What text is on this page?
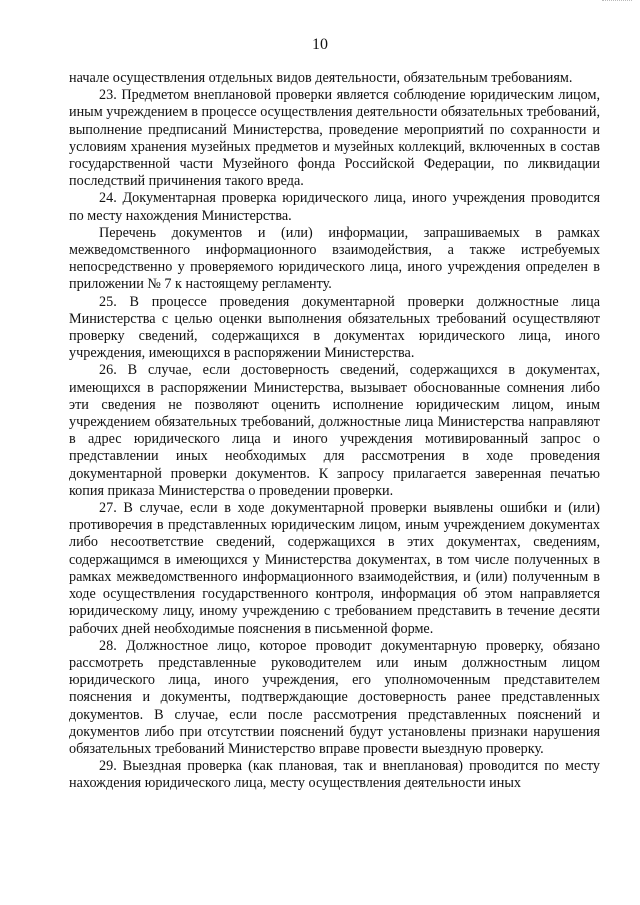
10

начале осуществления отдельных видов деятельности, обязательным требованиям.

23. Предметом внеплановой проверки является соблюдение юридическим лицом, иным учреждением в процессе осуществления деятельности обязательных требований, выполнение предписаний Министерства, проведение мероприятий по сохранности и условиям хранения музейных предметов и музейных коллекций, включенных в состав государственной части Музейного фонда Российской Федерации, по ликвидации последствий причинения такого вреда.

24. Документарная проверка юридического лица, иного учреждения проводится по месту нахождения Министерства.

Перечень документов и (или) информации, запрашиваемых в рамках межведомственного информационного взаимодействия, а также истребуемых непосредственно у проверяемого юридического лица, иного учреждения определен в приложении № 7 к настоящему регламенту.

25. В процессе проведения документарной проверки должностные лица Министерства с целью оценки выполнения обязательных требований осуществляют проверку сведений, содержащихся в документах юридического лица, иного учреждения, имеющихся в распоряжении Министерства.

26. В случае, если достоверность сведений, содержащихся в документах, имеющихся в распоряжении Министерства, вызывает обоснованные сомнения либо эти сведения не позволяют оценить исполнение юридическим лицом, иным учреждением обязательных требований, должностные лица Министерства направляют в адрес юридического лица и иного учреждения мотивированный запрос о представлении иных необходимых для рассмотрения в ходе проведения документарной проверки документов. К запросу прилагается заверенная печатью копия приказа Министерства о проведении проверки.

27. В случае, если в ходе документарной проверки выявлены ошибки и (или) противоречия в представленных юридическим лицом, иным учреждением документах либо несоответствие сведений, содержащихся в этих документах, сведениям, содержащимся в имеющихся у Министерства документах, в том числе полученных в рамках межведомственного информационного взаимодействия, и (или) полученным в ходе осуществления государственного контроля, информация об этом направляется юридическому лицу, иному учреждению с требованием представить в течение десяти рабочих дней необходимые пояснения в письменной форме.

28. Должностное лицо, которое проводит документарную проверку, обязано рассмотреть представленные руководителем или иным должностным лицом юридического лица, иного учреждения, его уполномоченным представителем пояснения и документы, подтверждающие достоверность ранее представленных документов. В случае, если после рассмотрения представленных пояснений и документов либо при отсутствии пояснений будут установлены признаки нарушения обязательных требований Министерство вправе провести выездную проверку.

29. Выездная проверка (как плановая, так и внеплановая) проводится по месту нахождения юридического лица, месту осуществления деятельности иных
